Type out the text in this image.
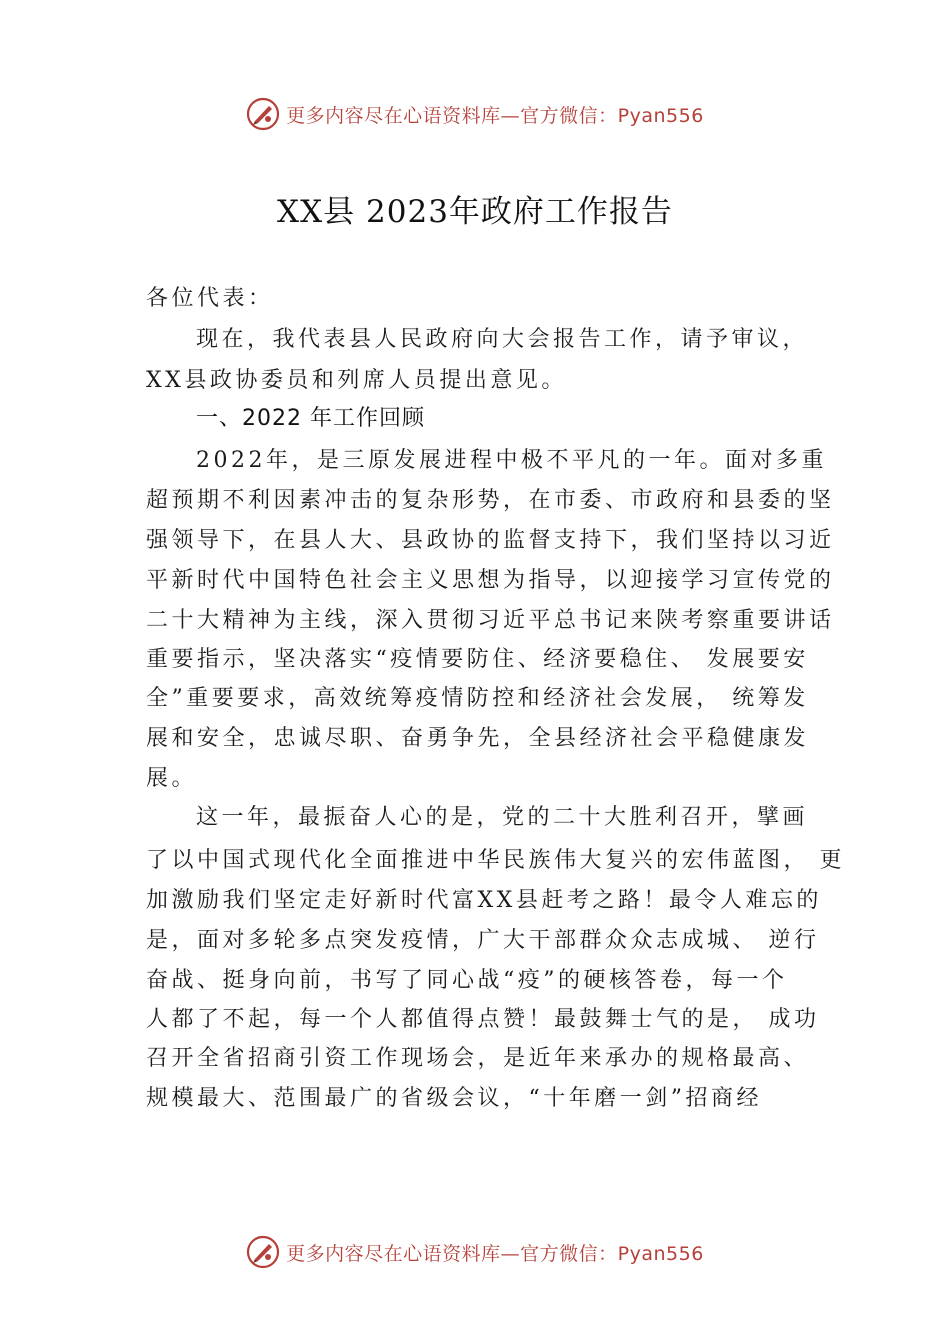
更多内容尽在心语资料库—官方微信：Pyan556
XX县 2023年政府工作报告
各位代表：
现在，我代表县人民政府向大会报告工作，请予审议，
XX县政协委员和列席人员提出意见。
一、2022 年工作回顾
2022年，是三原发展进程中极不平凡的一年。面对多重
超预期不利因素冲击的复杂形势，在市委、市政府和县委的坚
强领导下，在县人大、县政协的监督支持下，我们坚持以习近
平新时代中国特色社会主义思想为指导，以迎接学习宣传党的
二十大精神为主线，深入贯彻习近平总书记来陕考察重要讲话
重要指示，坚决落实“疫情要防住、经济要稳住、 发展要安
全”重要要求，高效统筹疫情防控和经济社会发展， 统筹发
展和安全，忠诚尽职、奋勇争先，全县经济社会平稳健康发
展。
这一年，最振奋人心的是，党的二十大胜利召开，擘画
了以中国式现代化全面推进中华民族伟大复兴的宏伟蓝图， 更
加激励我们坚定走好新时代富XX县赶考之路！最令人难忘的
是，面对多轮多点突发疫情，广大干部群众众志成城、 逆行
奋战、挺身向前，书写了同心战“疫”的硬核答卷，每一个
人都了不起，每一个人都值得点赞！最鼓舞士气的是， 成功
召开全省招商引资工作现场会，是近年来承办的规格最高、
规模最大、范围最广的省级会议，“十年磨一剑”招商经
更多内容尽在心语资料库—官方微信：Pyan556
